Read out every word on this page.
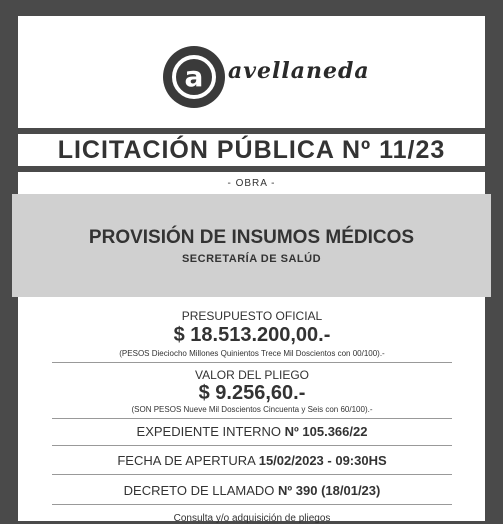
a	avellaneda
LICITACIÓN PÚBLICA Nº 11/23
- OBRA -
PROVISIÓN DE INSUMOS MÉDICOS
SECRETARÍA DE SALÚD
PRESUPUESTO OFICIAL
$ 18.513.200,00.-
(PESOS Dieciocho Millones Quinientos Trece Mil Doscientos con 00/100).-
VALOR DEL PLIEGO
$ 9.256,60.-
(SON PESOS Nueve Mil Doscientos Cincuenta y Seis con 60/100).-
EXPEDIENTE INTERNO Nº 105.366/22
FECHA DE APERTURA 15/02/2023 - 09:30HS
DECRETO DE LLAMADO Nº 390 (18/01/23)
Consulta y/o adquisición de pliegos
